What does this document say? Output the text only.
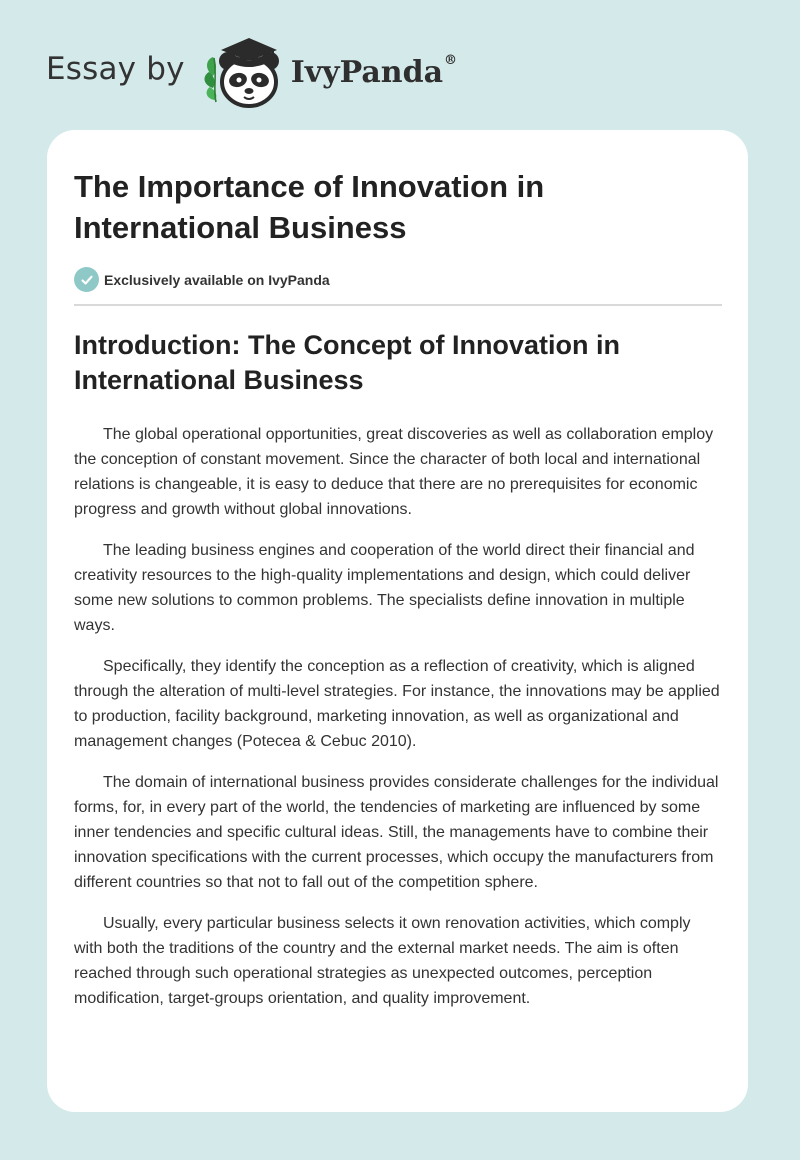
Essay by	IvyPanda®
The Importance of Innovation in International Business
Exclusively available on IvyPanda
Introduction: The Concept of Innovation in International Business

The global operational opportunities, great discoveries as well as collaboration employ the conception of constant movement. Since the character of both local and international relations is changeable, it is easy to deduce that there are no prerequisites for economic progress and growth without global innovations.

The leading business engines and cooperation of the world direct their financial and creativity resources to the high-quality implementations and design, which could deliver some new solutions to common problems. The specialists define innovation in multiple ways.

Specifically, they identify the conception as a reflection of creativity, which is aligned through the alteration of multi-level strategies. For instance, the innovations may be applied to production, facility background, marketing innovation, as well as organizational and management changes (Potecea & Cebuc 2010).

The domain of international business provides considerate challenges for the individual forms, for, in every part of the world, the tendencies of marketing are influenced by some inner tendencies and specific cultural ideas. Still, the managements have to combine their innovation specifications with the current processes, which occupy the manufacturers from different countries so that not to fall out of the competition sphere.

Usually, every particular business selects it own renovation activities, which comply with both the traditions of the country and the external market needs. The aim is often reached through such operational strategies as unexpected outcomes, perception modification, target-groups orientation, and quality improvement.
